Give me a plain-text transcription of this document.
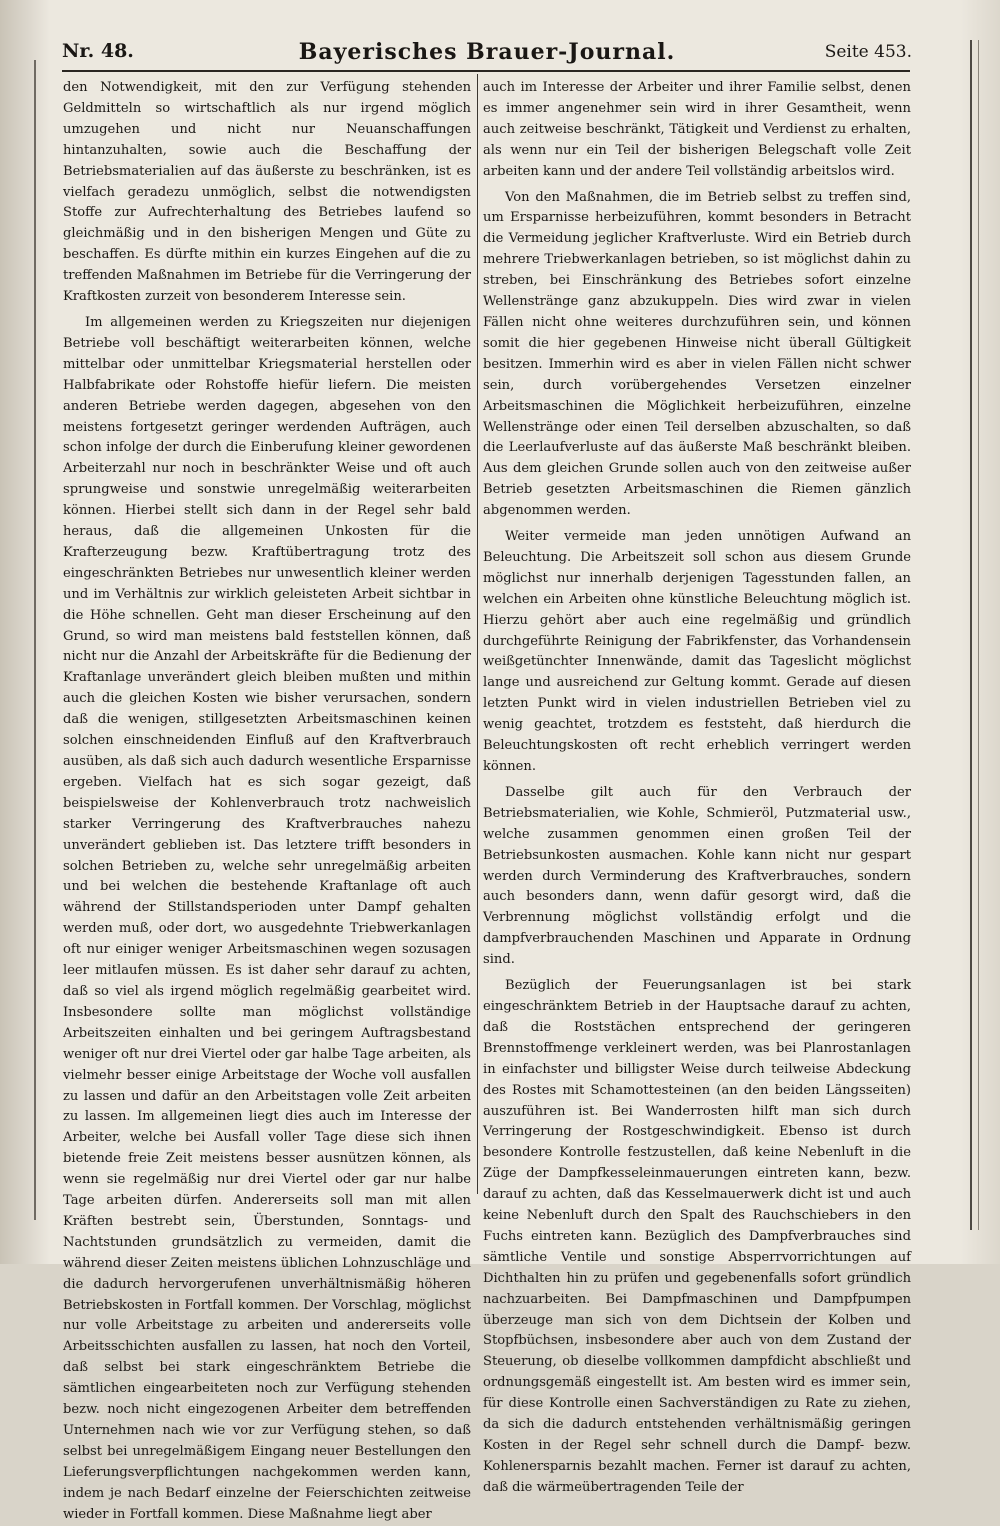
Nr. 48.	Bayerisches Brauer-Journal.	Seite 453.

den Notwendigkeit, mit den zur Verfügung stehenden Geldmitteln so wirtschaftlich als nur irgend möglich umzugehen und nicht nur Neuanschaffungen hintanzuhalten, sowie auch die Beschaffung der Betriebsmaterialien auf das äußerste zu beschränken, ist es vielfach geradezu unmöglich, selbst die notwendigsten Stoffe zur Aufrechterhaltung des Betriebes laufend so gleichmäßig und in den bisherigen Mengen und Güte zu beschaffen. Es dürfte mithin ein kurzes Eingehen auf die zu treffenden Maßnahmen im Betriebe für die Verringerung der Kraftkosten zurzeit von besonderem Interesse sein.

Im allgemeinen werden zu Kriegszeiten nur diejenigen Betriebe voll beschäftigt weiterarbeiten können, welche mittelbar oder unmittelbar Kriegsmaterial herstellen oder Halbfabrikate oder Rohstoffe hiefür liefern. Die meisten anderen Betriebe werden dagegen, abgesehen von den meistens fortgesetzt geringer werdenden Aufträgen, auch schon infolge der durch die Einberufung kleiner gewordenen Arbeiterzahl nur noch in beschränkter Weise und oft auch sprungweise und sonstwie unregelmäßig weiterarbeiten können. Hierbei stellt sich dann in der Regel sehr bald heraus, daß die allgemeinen Unkosten für die Krafterzeugung bezw. Kraftübertragung trotz des eingeschränkten Betriebes nur unwesentlich kleiner werden und im Verhältnis zur wirklich geleisteten Arbeit sichtbar in die Höhe schnellen. Geht man dieser Erscheinung auf den Grund, so wird man meistens bald feststellen können, daß nicht nur die Anzahl der Arbeitskräfte für die Bedienung der Kraftanlage unverändert gleich bleiben mußten und mithin auch die gleichen Kosten wie bisher verursachen, sondern daß die wenigen, stillgesetzten Arbeitsmaschinen keinen solchen einschneidenden Einfluß auf den Kraftverbrauch ausüben, als daß sich auch dadurch wesentliche Ersparnisse ergeben. Vielfach hat es sich sogar gezeigt, daß beispielsweise der Kohlenverbrauch trotz nachweislich starker Verringerung des Kraftverbrauches nahezu unverändert geblieben ist. Das letztere trifft besonders in solchen Betrieben zu, welche sehr unregelmäßig arbeiten und bei welchen die bestehende Kraftanlage oft auch während der Stillstandsperioden unter Dampf gehalten werden muß, oder dort, wo ausgedehnte Triebwerkanlagen oft nur einiger weniger Arbeitsmaschinen wegen sozusagen leer mitlaufen müssen. Es ist daher sehr darauf zu achten, daß so viel als irgend möglich regelmäßig gearbeitet wird. Insbesondere sollte man möglichst vollständige Arbeitszeiten einhalten und bei geringem Auftragsbestand weniger oft nur drei Viertel oder gar halbe Tage arbeiten, als vielmehr besser einige Arbeitstage der Woche voll ausfallen zu lassen und dafür an den Arbeitstagen volle Zeit arbeiten zu lassen. Im allgemeinen liegt dies auch im Interesse der Arbeiter, welche bei Ausfall voller Tage diese sich ihnen bietende freie Zeit meistens besser ausnützen können, als wenn sie regelmäßig nur drei Viertel oder gar nur halbe Tage arbeiten dürfen. Andererseits soll man mit allen Kräften bestrebt sein, Überstunden, Sonntags- und Nachtstunden grundsätzlich zu vermeiden, damit die während dieser Zeiten meistens üblichen Lohnzuschläge und die dadurch hervorgerufenen unverhältnismäßig höheren Betriebskosten in Fortfall kommen. Der Vorschlag, möglichst nur volle Arbeitstage zu arbeiten und andererseits volle Arbeitsschichten ausfallen zu lassen, hat noch den Vorteil, daß selbst bei stark eingeschränktem Betriebe die sämtlichen eingearbeiteten noch zur Verfügung stehenden bezw. noch nicht eingezogenen Arbeiter dem betreffenden Unternehmen nach wie vor zur Verfügung stehen, so daß selbst bei unregelmäßigem Eingang neuer Bestellungen den Lieferungsverpflichtungen nachgekommen werden kann, indem je nach Bedarf einzelne der Feierschichten zeitweise wieder in Fortfall kommen. Diese Maßnahme liegt aber

auch im Interesse der Arbeiter und ihrer Familie selbst, denen es immer angenehmer sein wird in ihrer Gesamtheit, wenn auch zeitweise beschränkt, Tätigkeit und Verdienst zu erhalten, als wenn nur ein Teil der bisherigen Belegschaft volle Zeit arbeiten kann und der andere Teil vollständig arbeitslos wird.

Von den Maßnahmen, die im Betrieb selbst zu treffen sind, um Ersparnisse herbeizuführen, kommt besonders in Betracht die Vermeidung jeglicher Kraftverluste. Wird ein Betrieb durch mehrere Triebwerkanlagen betrieben, so ist möglichst dahin zu streben, bei Einschränkung des Betriebes sofort einzelne Wellenstränge ganz abzukuppeln. Dies wird zwar in vielen Fällen nicht ohne weiteres durchzuführen sein, und können somit die hier gegebenen Hinweise nicht überall Gültigkeit besitzen. Immerhin wird es aber in vielen Fällen nicht schwer sein, durch vorübergehendes Versetzen einzelner Arbeitsmaschinen die Möglichkeit herbeizuführen, einzelne Wellenstränge oder einen Teil derselben abzuschalten, so daß die Leerlaufverluste auf das äußerste Maß beschränkt bleiben. Aus dem gleichen Grunde sollen auch von den zeitweise außer Betrieb gesetzten Arbeitsmaschinen die Riemen gänzlich abgenommen werden.

Weiter vermeide man jeden unnötigen Aufwand an Beleuchtung. Die Arbeitszeit soll schon aus diesem Grunde möglichst nur innerhalb derjenigen Tagesstunden fallen, an welchen ein Arbeiten ohne künstliche Beleuchtung möglich ist. Hierzu gehört aber auch eine regelmäßig und gründlich durchgeführte Reinigung der Fabrikfenster, das Vorhandensein weißgetünchter Innenwände, damit das Tageslicht möglichst lange und ausreichend zur Geltung kommt. Gerade auf diesen letzten Punkt wird in vielen industriellen Betrieben viel zu wenig geachtet, trotzdem es feststeht, daß hierdurch die Beleuchtungskosten oft recht erheblich verringert werden können.

Dasselbe gilt auch für den Verbrauch der Betriebsmaterialien, wie Kohle, Schmieröl, Putzmaterial usw., welche zusammen genommen einen großen Teil der Betriebsunkosten ausmachen. Kohle kann nicht nur gespart werden durch Verminderung des Kraftverbrauches, sondern auch besonders dann, wenn dafür gesorgt wird, daß die Verbrennung möglichst vollständig erfolgt und die dampfverbrauchenden Maschinen und Apparate in Ordnung sind.

Bezüglich der Feuerungsanlagen ist bei stark eingeschränktem Betrieb in der Hauptsache darauf zu achten, daß die Roststächen entsprechend der geringeren Brennstoffmenge verkleinert werden, was bei Planrostanlagen in einfachster und billigster Weise durch teilweise Abdeckung des Rostes mit Schamottesteinen (an den beiden Längsseiten) auszuführen ist. Bei Wanderrosten hilft man sich durch Verringerung der Rostgeschwindigkeit. Ebenso ist durch besondere Kontrolle festzustellen, daß keine Nebenluft in die Züge der Dampfkesseleinmauerungen eintreten kann, bezw. darauf zu achten, daß das Kesselmauerwerk dicht ist und auch keine Nebenluft durch den Spalt des Rauchschiebers in den Fuchs eintreten kann. Bezüglich des Dampfverbrauches sind sämtliche Ventile und sonstige Absperrvorrichtungen auf Dichthalten hin zu prüfen und gegebenenfalls sofort gründlich nachzuarbeiten. Bei Dampfmaschinen und Dampfpumpen überzeuge man sich von dem Dichtsein der Kolben und Stopfbüchsen, insbesondere aber auch von dem Zustand der Steuerung, ob dieselbe vollkommen dampfdicht abschließt und ordnungsgemäß eingestellt ist. Am besten wird es immer sein, für diese Kontrolle einen Sachverständigen zu Rate zu ziehen, da sich die dadurch entstehenden verhältnismäßig geringen Kosten in der Regel sehr schnell durch die Dampf- bezw. Kohlenersparnis bezahlt machen. Ferner ist darauf zu achten, daß die wärmeübertragenden Teile der
